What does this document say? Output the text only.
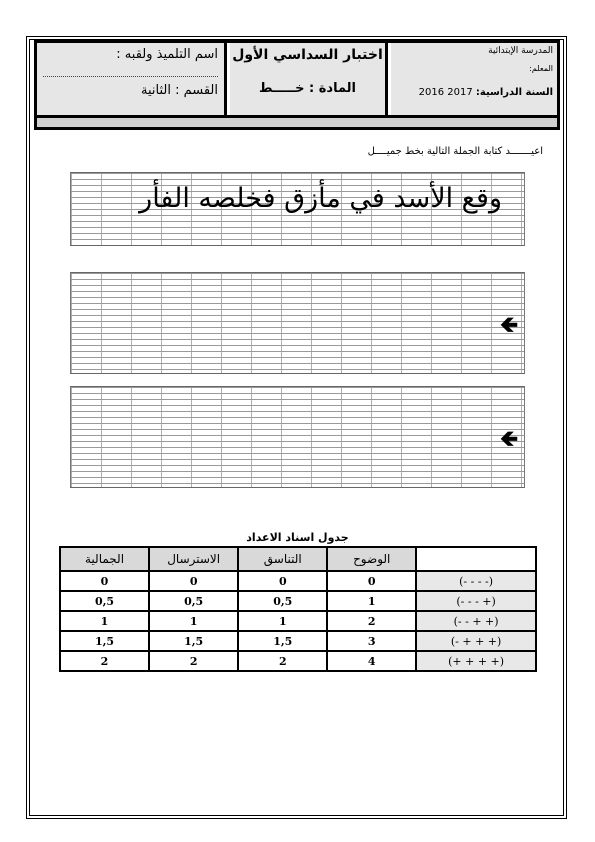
اسم التلميذ ولقبه :
القسم : الثانية
اختبار السداسي الأول
المادة : خـــــط
المدرسة الإبتدائية
المعلم:
السنة الدراسية: 2016 2017
اعيـــــــد كتابة الجملة التالية بخط جميــــل
وقع الأسد في مأزق فخلصه الفأر
🡸
🡸
جدول اسناد الاعداد
	الوضوح	التناسق	الاسترسال	الجمالية
(- - - -)	0	0	0	0
(- - - +)	1	0,5	0,5	0,5
(- - + +)	2	1	1	1
(- + + +)	3	1,5	1,5	1,5
(+ + + +)	4	2	2	2
